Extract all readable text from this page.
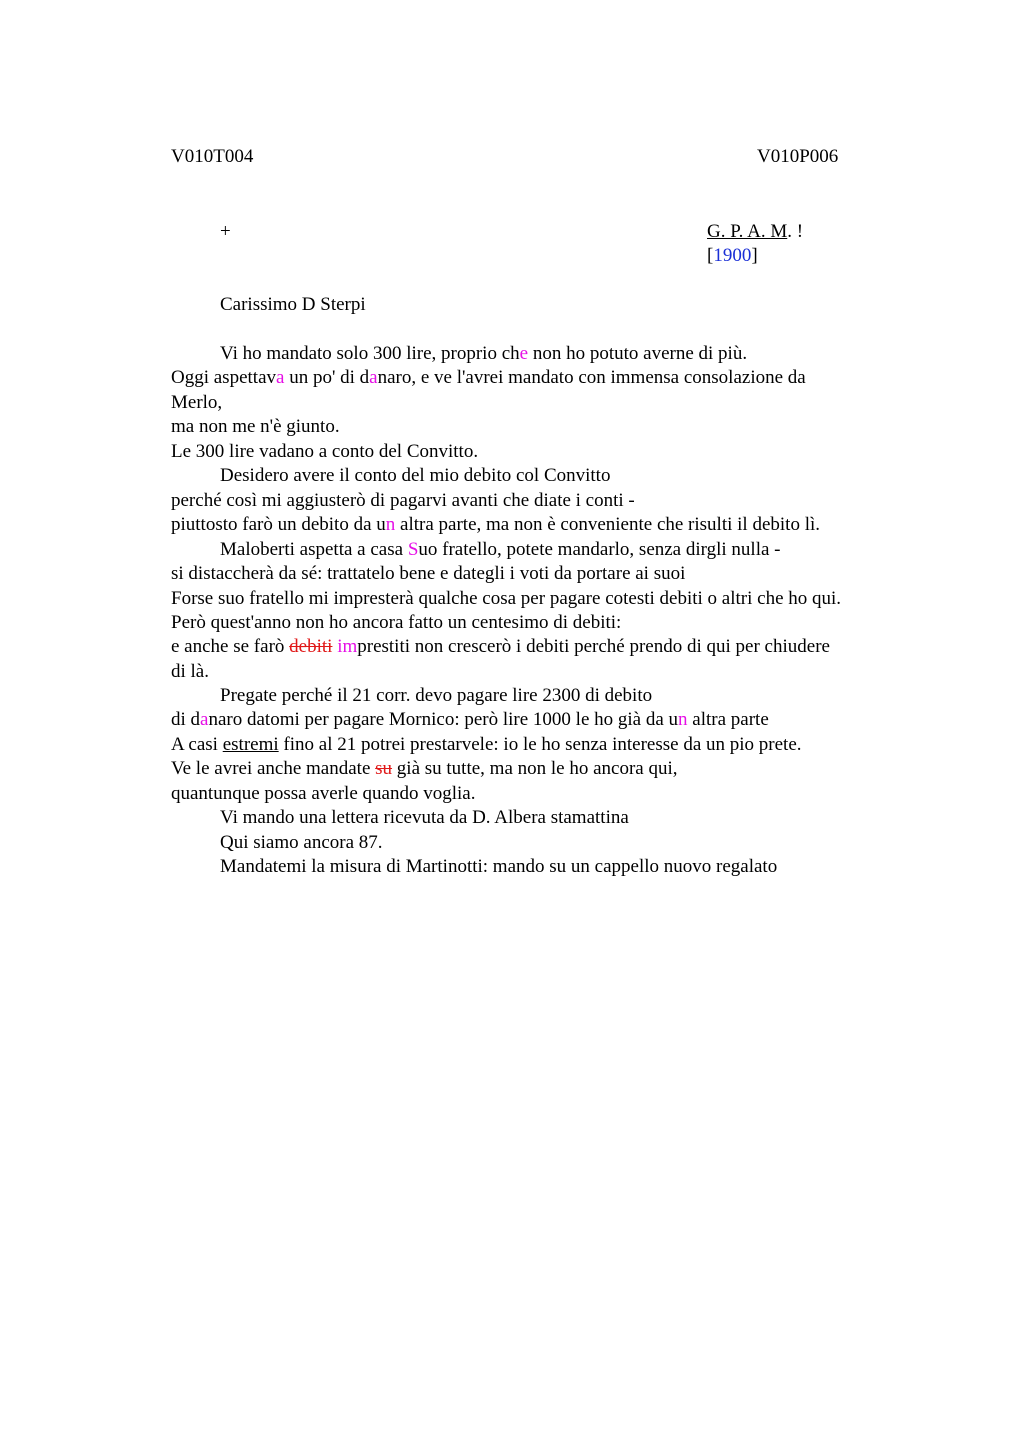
V010T004	V010P006
+	G. P. A. M. !
[1900]
Carissimo D Sterpi
Vi ho mandato solo 300 lire, proprio che non ho potuto averne di più.
Oggi aspettava un po' di danaro, e ve l'avrei mandato con immensa consolazione da
Merlo,
ma non me n'è giunto.
Le 300 lire vadano a conto del Convitto.
Desidero avere il conto del mio debito col Convitto
perché così mi aggiusterò di pagarvi avanti che diate i conti -
piuttosto farò un debito da un altra parte, ma non è conveniente che risulti il debito lì.
Maloberti aspetta a casa Suo fratello, potete mandarlo, senza dirgli nulla -
si distaccherà da sé: trattatelo bene e dategli i voti da portare ai suoi
Forse suo fratello mi impresterà qualche cosa per pagare cotesti debiti o altri che ho qui.
Però quest'anno non ho ancora fatto un centesimo di debiti:
e anche se farò debiti imprestiti non crescerò i debiti perché prendo di qui per chiudere
di là.
Pregate perché il 21 corr. devo pagare lire 2300 di debito
di danaro datomi per pagare Mornico: però lire 1000 le ho già da un altra parte
A casi estremi fino al 21 potrei prestarvele: io le ho senza interesse da un pio prete.
Ve le avrei anche mandate su già su tutte, ma non le ho ancora qui,
quantunque possa averle quando voglia.
Vi mando una lettera ricevuta da D. Albera stamattina
Qui siamo ancora 87.
Mandatemi la misura di Martinotti: mando su un cappello nuovo regalato
